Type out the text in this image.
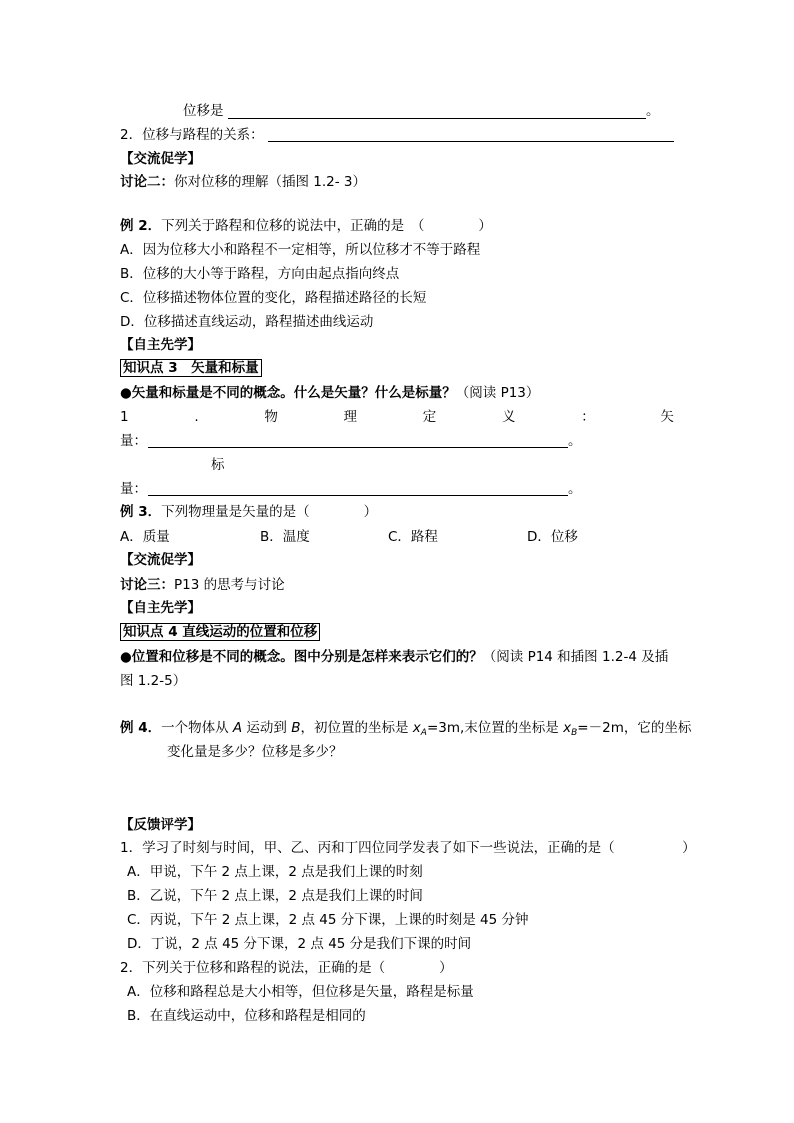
位移是	。
2．位移与路程的关系：
【交流促学】
讨论二：你对位移的理解（插图 1.2- 3）
例 2．下列关于路程和位移的说法中，正确的是　（　　　　）
A．因为位移大小和路程不一定相等，所以位移才不等于路程
B．位移的大小等于路程，方向由起点指向终点
C．位移描述物体位置的变化，路程描述路径的长短
D．位移描述直线运动，路程描述曲线运动
【自主先学】
知识点 3　矢量和标量
●矢量和标量是不同的概念。什么是矢量？什么是标量？（阅读 P13）
1	.	物	理	定	义	：	矢
量：	。
标
量：	。
例 3．下列物理量是矢量的是（　　　　）
A．质量	B．温度	C．路程	D．位移
【交流促学】
讨论三：P13 的思考与讨论
【自主先学】
知识点 4 直线运动的位置和位移
●位置和位移是不同的概念。图中分别是怎样来表示它们的？（阅读 P14 和插图 1.2-4 及插
图 1.2-5）
例 4．一个物体从 A 运动到 B，初位置的坐标是 $x_A=3m$,末位置的坐标是 $x_B=-2m$，它的坐标
变化量是多少？位移是多少？
【反馈评学】
1．学习了时刻与时间，甲、乙、丙和丁四位同学发表了如下一些说法，正确的是（　　　　　）
A．甲说，下午 2 点上课，2 点是我们上课的时刻
B．乙说，下午 2 点上课，2 点是我们上课的时间
C．丙说，下午 2 点上课，2 点 45 分下课，上课的时刻是 45 分钟
D．丁说，2 点 45 分下课，2 点 45 分是我们下课的时间
2．下列关于位移和路程的说法，正确的是（　　　　）
A．位移和路程总是大小相等，但位移是矢量，路程是标量
B．在直线运动中，位移和路程是相同的
